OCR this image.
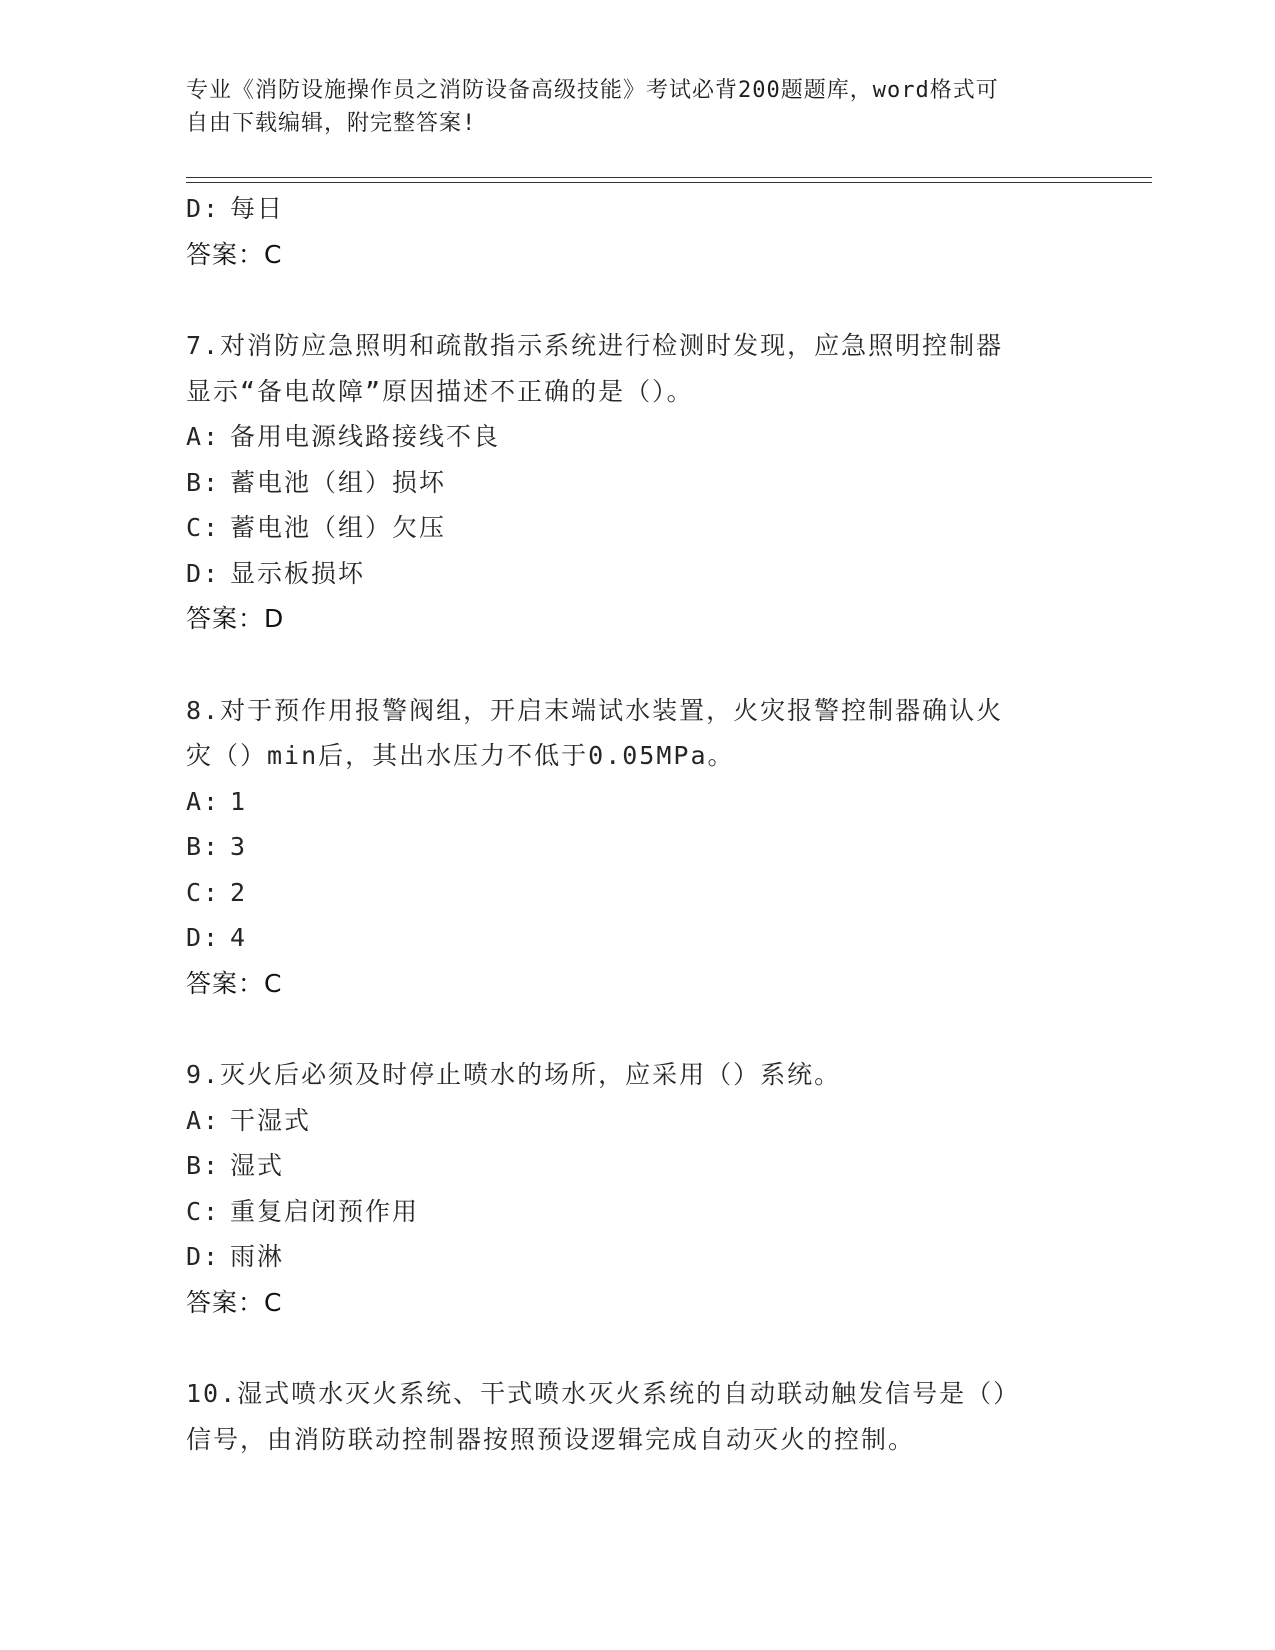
专业《消防设施操作员之消防设备高级技能》考试必背200题题库，word格式可
自由下载编辑，附完整答案!
D: 每日
答案：C
7.对消防应急照明和疏散指示系统进行检测时发现，应急照明控制器
显示“备电故障”原因描述不正确的是（）。
A: 备用电源线路接线不良
B: 蓄电池（组）损坏
C: 蓄电池（组）欠压
D: 显示板损坏
答案：D
8.对于预作用报警阀组，开启末端试水装置，火灾报警控制器确认火
灾（）min后，其出水压力不低于0.05MPa。
A: 1
B: 3
C: 2
D: 4
答案：C
9.灭火后必须及时停止喷水的场所，应采用（）系统。
A: 干湿式
B: 湿式
C: 重复启闭预作用
D: 雨淋
答案：C
10.湿式喷水灭火系统、干式喷水灭火系统的自动联动触发信号是（）
信号，由消防联动控制器按照预设逻辑完成自动灭火的控制。
